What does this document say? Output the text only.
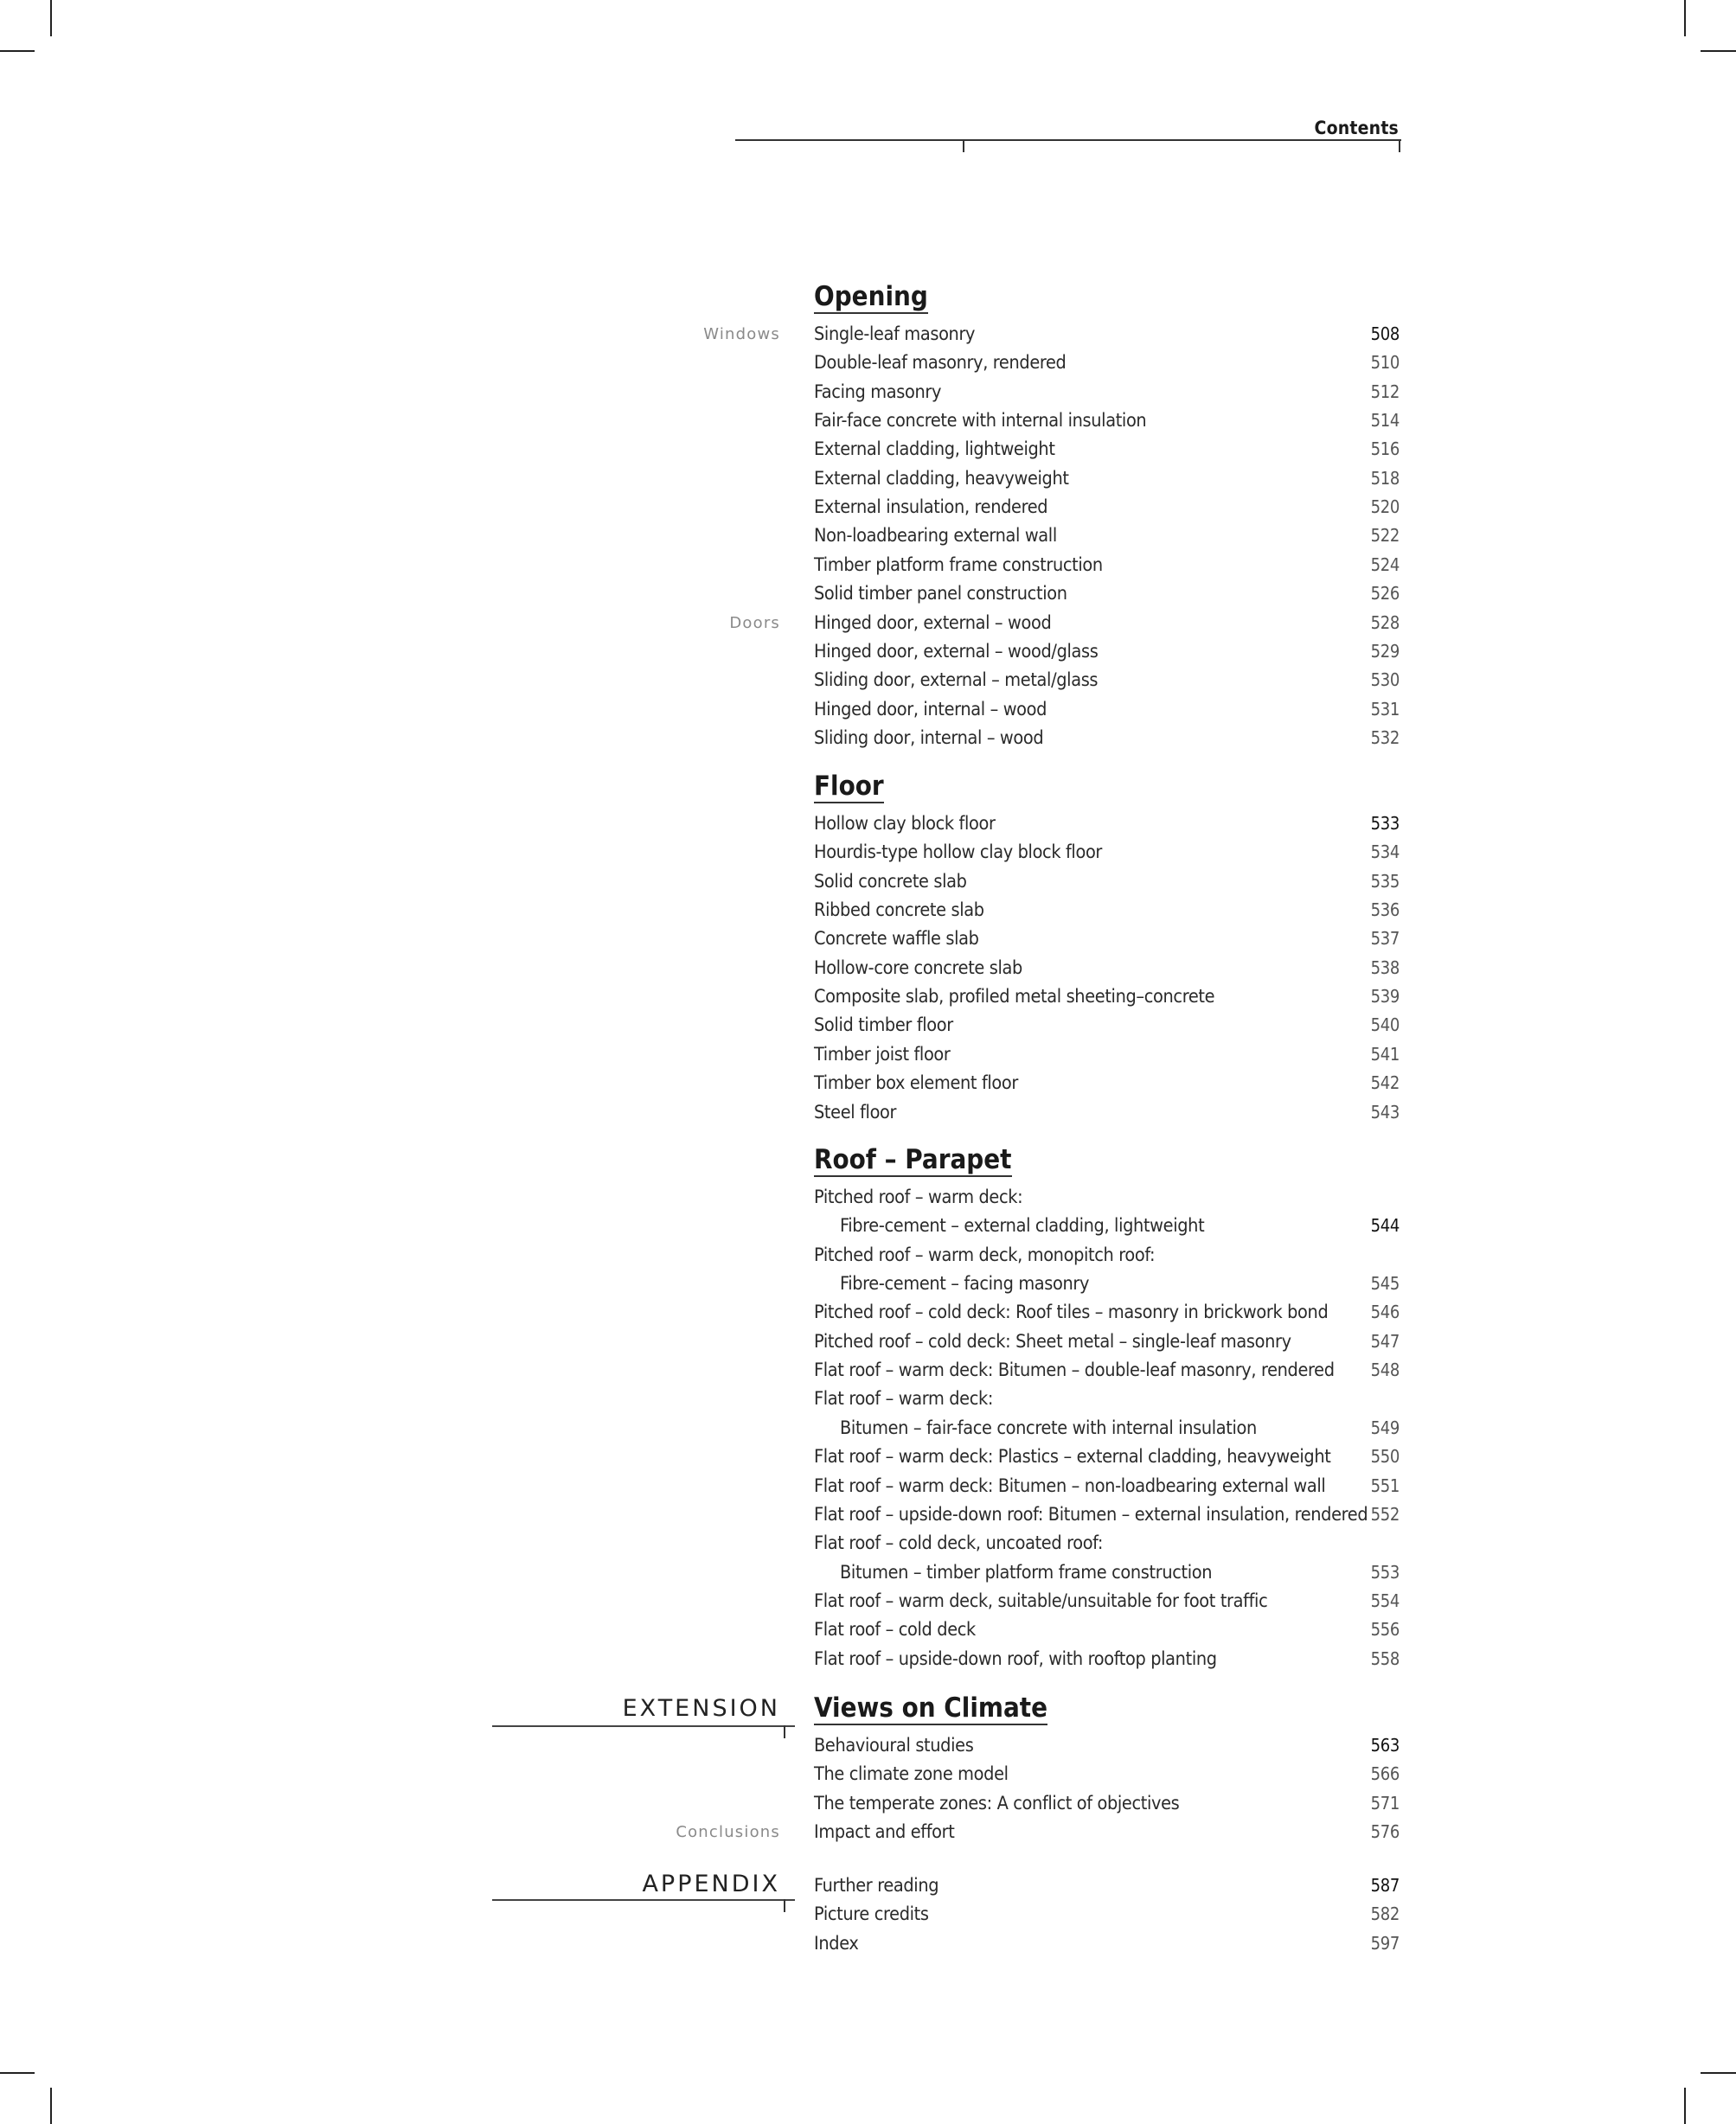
Contents
Opening
Single-leaf masonry	508
Windows
Double-leaf masonry, rendered	510
Facing masonry	512
Fair-face concrete with internal insulation	514
External cladding, lightweight	516
External cladding, heavyweight	518
External insulation, rendered	520
Non-loadbearing external wall	522
Timber platform frame construction	524
Solid timber panel construction	526
Hinged door, external – wood	528
Doors
Hinged door, external – wood/glass	529
Sliding door, external – metal/glass	530
Hinged door, internal – wood	531
Sliding door, internal – wood	532
Floor
Hollow clay block floor	533
Hourdis-type hollow clay block floor	534
Solid concrete slab	535
Ribbed concrete slab	536
Concrete waffle slab	537
Hollow-core concrete slab	538
Composite slab, profiled metal sheeting–concrete	539
Solid timber floor	540
Timber joist floor	541
Timber box element floor	542
Steel floor	543
Roof – Parapet
Pitched roof – warm deck:
Fibre-cement – external cladding, lightweight	544
Pitched roof – warm deck, monopitch roof:
Fibre-cement – facing masonry	545
Pitched roof – cold deck: Roof tiles – masonry in brickwork bond 546
Pitched roof – cold deck: Sheet metal – single-leaf masonry	547
Flat roof – warm deck: Bitumen – double-leaf masonry, rendered 548
Flat roof – warm deck:
Bitumen – fair-face concrete with internal insulation	549
Flat roof – warm deck: Plastics – external cladding, heavyweight 550
Flat roof – warm deck: Bitumen – non-loadbearing external wall	551
Flat roof – upside-down roof: Bitumen – external insulation, rendered 552
Flat roof – cold deck, uncoated roof:
Bitumen – timber platform frame construction	553
Flat roof – warm deck, suitable/unsuitable for foot traffic	554
Flat roof – cold deck	556
Flat roof – upside-down roof, with rooftop planting	558
Views on Climate
EXTENSION
Behavioural studies	563
The climate zone model	566
The temperate zones: A conflict of objectives	571
Impact and effort	576
Conclusions
APPENDIX Further reading	587
Picture credits	582
Index	597
